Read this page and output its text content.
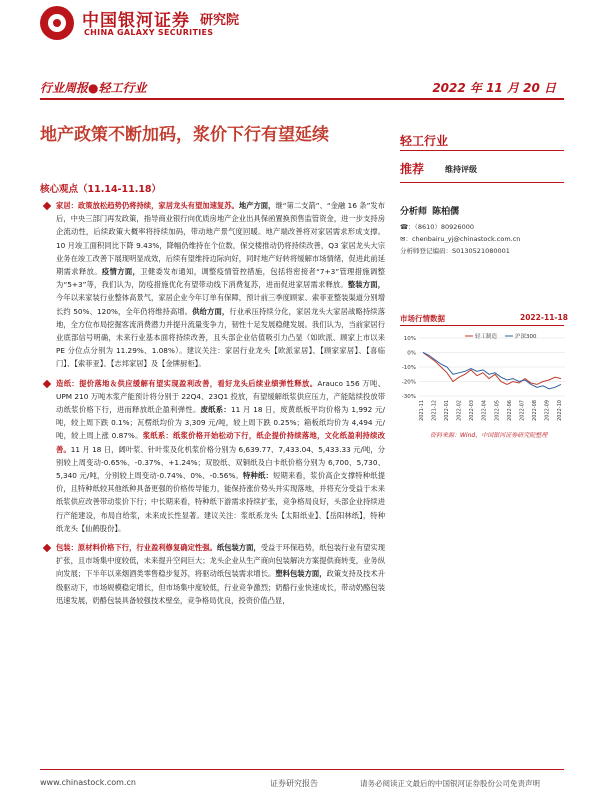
中国银河证券
CHINA GALAXY SECURITIES
研究院
行业周报●轻工行业	2022 年 11 月 20 日
地产政策不断加码，浆价下行有望延续
核心观点（11.14-11.18）

家居：政策放松趋势仍将持续，家居龙头有望加速复苏。地产方面，继“第二支箭”、“金融 16 条”发布后，中央三部门再发政策，指导商业银行向优质房地产企业出具保函置换预售监管资金，进一步支持房企流动性，后续政策大概率将持续加码，带动地产景气度回暖。地产端改善将对家居需求形成支撑。10 月竣工面积同比下降 9.43%，降幅仍维持在个位数，保交楼推动仍将持续改善，Q3 家居龙头大宗业务在竣工改善下展现明显成效，后续有望维持边际向好，同时地产好转将缓解市场情绪，促进此前延期需求释放。疫情方面，卫健委发布通知，调整疫情管控措施，包括将密接者“7+3”管理措施调整为“5+3”等，我们认为，防疫措施优化有望带动线下消费复苏，进而促进家居需求释放。整装方面，今年以来家装行业整体高景气，家居企业今年订单有保障，预计前三季度顾家、索菲亚整装渠道分别增长约 50%、120%，全年仍将维持高增。供给方面，行业承压持续分化，家居龙头大家居战略持续落地，全方位布局挖掘客流消费潜力并提升流量变争力，韧性十足发展稳健发展。我们认为，当前家居行业底部信号明确，未来行业基本面将持续改善，且头部企业估值吸引力凸显（如欧派、顾家上市以来 PE 分位点分别为 11.29%、1.08%）。建议关注：家居行业龙头【欧派家居】、【顾家家居】、【喜临门】、【索菲亚】、【志邦家居】及【金牌厨柜】。

造纸：提价落地＆供应缓解有望实现盈利改善，看好龙头后续业绩弹性释放。Arauco 156 万吨、UPM 210 万吨木浆产能预计将分别于 22Q4、23Q1 投放，有望缓解纸浆供应压力，产能陆续投放带动纸浆价格下行，进而释放纸企盈利弹性。废纸系：11 月 18 日，废黄纸板平均价格为 1,992 元/吨，较上周下跌 0.1%；瓦楞纸均价为 3,309 元/吨，较上周下跌 0.25%；箱板纸均价为 4,494 元/吨，较上周上涨 0.87%。浆纸系：纸浆价格开始松动下行，纸企提价持续落地，文化纸盈利持续改善。11 月 18 日，阔叶浆、针叶浆及化机浆价格分别为 6,639.77、7,433.04、5,433.33 元/吨，分别较上周变动-0.65%、-0.37%、+1.24%；双胶纸、双铜纸及白卡纸价格分别为 6,700、5,730、5,340 元/吨，分别较上周变动-0.74%、0%、-0.56%。特种纸：短期来看，浆价高企支撑特种纸提价，且特种纸较其他纸种具备更强的价格传导能力，能保持涨价势头并实现落地，并将充分受益于未来纸浆供应改善带动浆价下行；中长期来看，特种纸下游需求持续扩张，竞争格局良好，头部企业持续进行产能建设，布局自给浆，未来成长性显著。建议关注：浆纸系龙头【太阳纸业】、【岳阳林纸】，特种纸龙头【仙鹤股份】。

包装：原材料价格下行，行业盈利修复确定性强。纸包装方面，受益于环保趋势，纸包装行业有望实现扩张，且市场集中度较低，未来提升空间巨大；龙头企业从生产商向包装解决方案提供商转变，业务纵向发展；下半年以来烟酒类零售稳步复苏，将驱动纸包装需求增长。塑料包装方面，政策支持及技术升级驱动下，市场规模稳定增长，但市场集中度较低，行业竞争激烈；奶酪行业快速成长，带动奶酪包装迅速发展，奶酪包装具备较强技术壁垒，竞争格局优良，投资价值凸显，

轻工行业
推荐	维持评级
分析师 陈柏儒
☎：（8610）80926000
✉：chenbairu_yj@chinastock.com.cn
分析师登记编码：S0130521080001
市场行情数据	2022-11-18
10%
0%
-10%
-20%
-30%
2021-11 2021-12 2022-01 2022-02 2022-03 2022-04 2022-05 2022-06 2022-07 2022-08 2022-09 2022-10
轻工制造	沪深300
资料来源：Wind，中国银河证券研究院整理
www.chinastock.com.cn	证券研究报告	请务必阅读正文最后的中国银河证券股份公司免责声明
